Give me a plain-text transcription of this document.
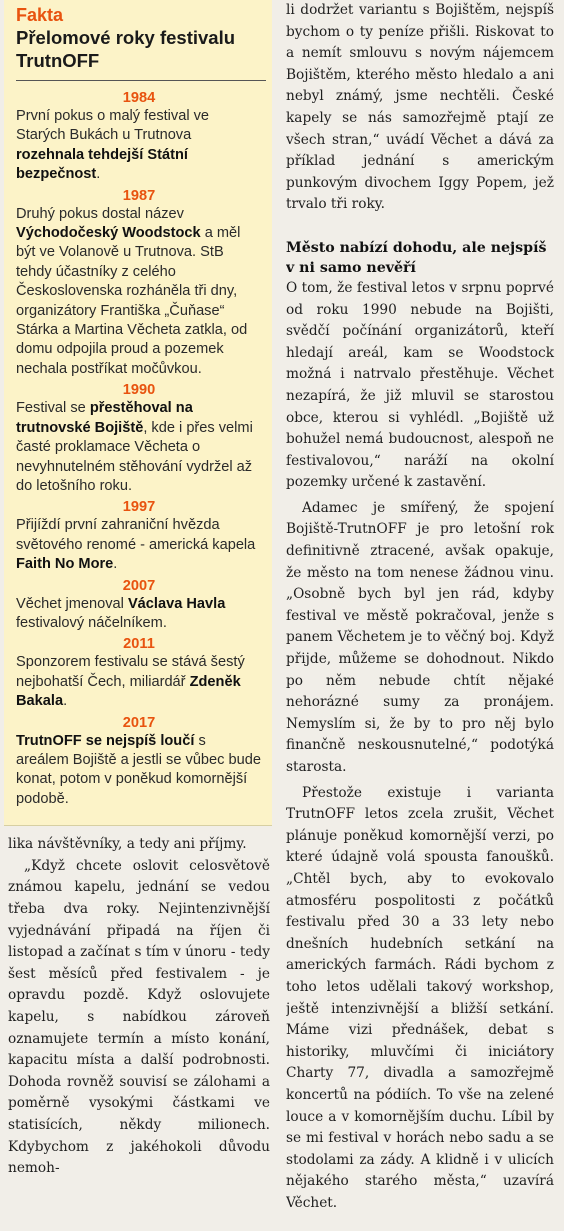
Fakta
Přelomové roky festivalu TrutnOFF
1984

První pokus o malý festival ve Starých Bukách u Trutnova rozehnala tehdejší Státní bezpečnost.

1987

Druhý pokus dostal název Východočeský Woodstock a měl být ve Volanově u Trutnova. StB tehdy účastníky z celého Československa rozháněla tři dny, organizátory Františka „Čuňase“ Stárka a Martina Věcheta zatkla, od domu odpojila proud a pozemek nechala postříkat močůvkou.

1990

Festival se přestěhoval na trutnovské Bojiště, kde i přes velmi časté proklamace Věcheta o nevyhnutelném stěhování vydržel až do letošního roku.

1997

Přijíždí první zahraniční hvězda světového renomé - americká kapela Faith No More.

2007

Věchet jmenoval Václava Havla festivalový náčelníkem.

2011

Sponzorem festivalu se stává šestý nejbohatší Čech, miliardář Zdeněk Bakala.

2017

TrutnOFF se nejspíš loučí s areálem Bojiště a jestli se vůbec bude konat, potom v poněkud komornější podobě.

lika návštěvníky, a tedy ani příjmy.

„Když chcete oslovit celosvětově známou kapelu, jednání se vedou třeba dva roky. Nejintenzivnější vyjednávání připadá na říjen či listopad a začínat s tím v únoru - tedy šest měsíců před festivalem - je opravdu pozdě. Když oslovujete kapelu, s nabídkou zároveň oznamujete termín a místo konání, kapacitu místa a další podrobnosti. Dohoda rovněž souvisí se zálohami a poměrně vysokými částkami ve statisících, někdy milionech. Kdybychom z jakéhokoli důvodu nemoh-

li dodržet variantu s Bojištěm, nejspíš bychom o ty peníze přišli. Riskovat to a nemít smlouvu s novým nájemcem Bojištěm, kterého město hledalo a ani nebyl známý, jsme nechtěli. České kapely se nás samozřejmě ptají ze všech stran,“ uvádí Věchet a dává za příklad jednání s americkým punkovým divochem Iggy Popem, jež trvalo tři roky.

Město nabízí dohodu, ale nejspíš v ni samo nevěří

O tom, že festival letos v srpnu poprvé od roku 1990 nebude na Bojišti, svědčí počínání organizátorů, kteří hledají areál, kam se Woodstock možná i natrvalo přestěhuje. Věchet nezapírá, že již mluvil se starostou obce, kterou si vyhlédl. „Bojiště už bohužel nemá budoucnost, alespoň ne festivalovou,“ naráží na okolní pozemky určené k zastavění.

Adamec je smířený, že spojení Bojiště-TrutnOFF je pro letošní rok definitivně ztracené, avšak opakuje, že město na tom nenese žádnou vinu. „Osobně bych byl jen rád, kdyby festival ve městě pokračoval, jenže s panem Věchetem je to věčný boj. Když přijde, můžeme se dohodnout. Nikdo po něm nebude chtít nějaké nehorázné sumy za pronájem. Nemyslím si, že by to pro něj bylo finančně neskousnutelné,“ podotýká starosta.

Přestože existuje i varianta TrutnOFF letos zcela zrušit, Věchet plánuje poněkud komornější verzi, po které údajně volá spousta fanoušků. „Chtěl bych, aby to evokovalo atmosféru pospolitosti z počátků festivalu před 30 a 33 lety nebo dnešních hudebních setkání na amerických farmách. Rádi bychom z toho letos udělali takový workshop, ještě intenzivnější a bližší setkání. Máme vizi přednášek, debat s historiky, mluvčími či iniciátory Charty 77, divadla a samozřejmě koncertů na pódiích. To vše na zelené louce a v komornějším duchu. Líbil by se mi festival v horách nebo sadu a se stodolami za zády. A klidně i v ulicích nějakého starého města,“ uzavírá Věchet.
